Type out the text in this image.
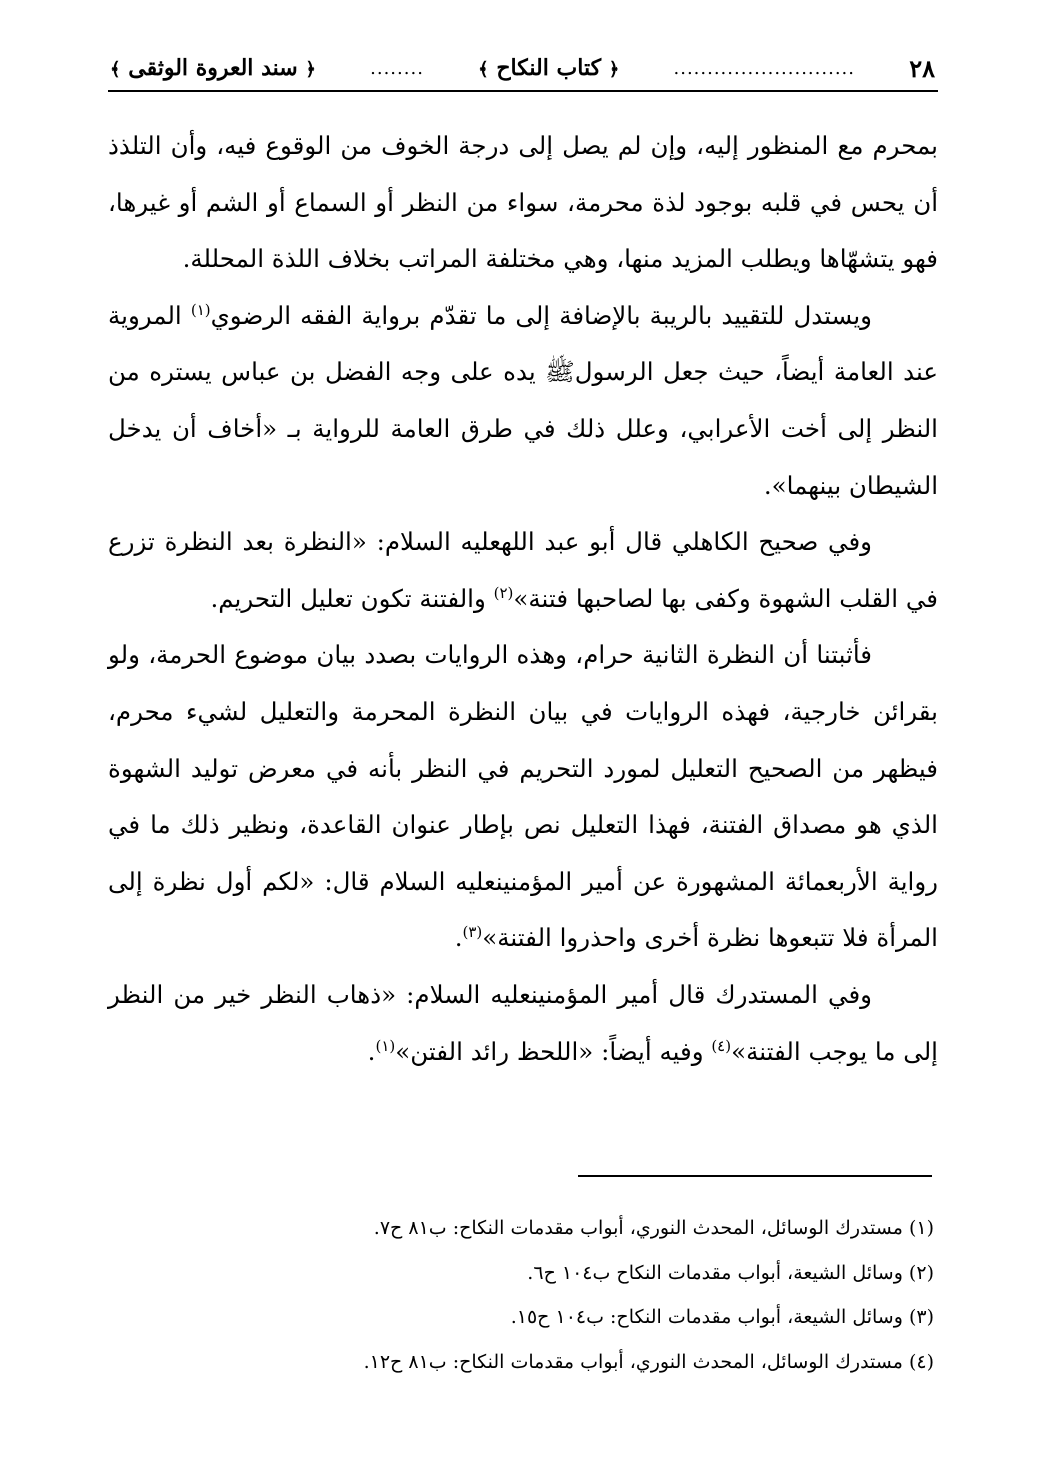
٢٨
...........................
﴿ كتاب النكاح ﴾
........
﴿ سند العروة الوثقى ﴾

بمحرم مع المنظور إليه، وإن لم يصل إلى درجة الخوف من الوقوع فيه، وأن التلذذ أن يحس في قلبه بوجود لذة محرمة، سواء من النظر أو السماع أو الشم أو غيرها، فهو يتشهّاها ويطلب المزيد منها، وهي مختلفة المراتب بخلاف اللذة المحللة.

ويستدل للتقييد بالريبة بالإضافة إلى ما تقدّم برواية الفقه الرضوي$^{(١)}$ المروية عند العامة أيضاً، حيث جعل الرسولﷺ يده على وجه الفضل بن عباس يستره من النظر إلى أخت الأعرابي، وعلل ذلك في طرق العامة للرواية بـ «أخاف أن يدخل الشيطان بينهما».

وفي صحيح الكاهلي قال أبو عبد اللهعليه السلام: «النظرة بعد النظرة تزرع في القلب الشهوة وكفى بها لصاحبها فتنة»$^{(٢)}$ والفتنة تكون تعليل التحريم.

فأثبتنا أن النظرة الثانية حرام، وهذه الروايات بصدد بيان موضوع الحرمة، ولو بقرائن خارجية، فهذه الروايات في بيان النظرة المحرمة والتعليل لشيء محرم، فيظهر من الصحيح التعليل لمورد التحريم في النظر بأنه في معرض توليد الشهوة الذي هو مصداق الفتنة، فهذا التعليل نص بإطار عنوان القاعدة، ونظير ذلك ما في رواية الأربعمائة المشهورة عن أمير المؤمنينعليه السلام قال: «لكم أول نظرة إلى المرأة فلا تتبعوها نظرة أخرى واحذروا الفتنة»$^{(٣)}$.

وفي المستدرك قال أمير المؤمنينعليه السلام: «ذهاب النظر خير من النظر إلى ما يوجب الفتنة»$^{(٤)}$ وفيه أيضاً: «اللحظ رائد الفتن»$^{(١)}$.

(١) مستدرك الوسائل، المحدث النوري، أبواب مقدمات النكاح: ب٨١ ح٧.
(٢) وسائل الشيعة، أبواب مقدمات النكاح ب١٠٤ ح٦.
(٣) وسائل الشيعة، أبواب مقدمات النكاح: ب١٠٤ ح١٥.
(٤) مستدرك الوسائل، المحدث النوري، أبواب مقدمات النكاح: ب٨١ ح١٢.
